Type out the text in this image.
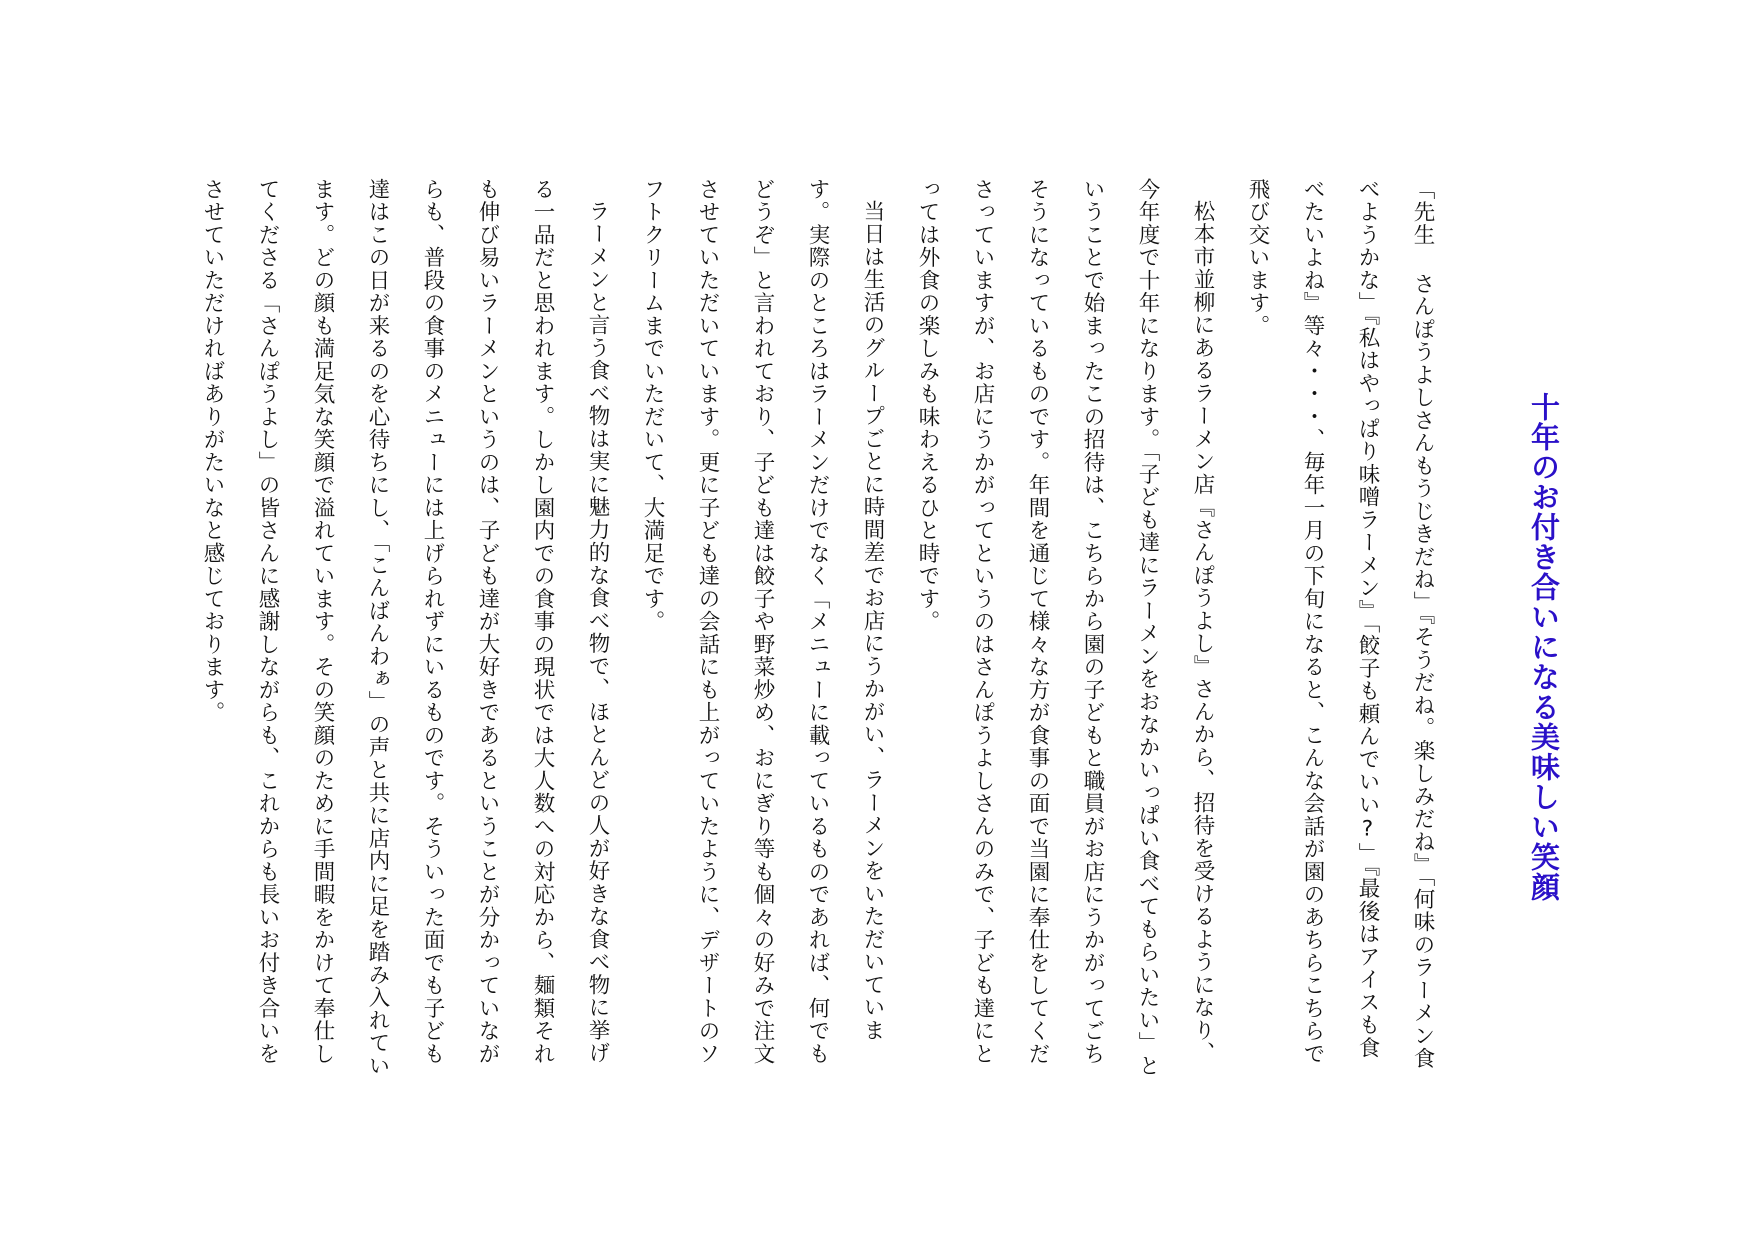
十年のお付き合いになる美味しい笑顔

「先生 さんぽうよしさんもうじきだね」『そうだね。楽しみだね』「何味のラーメン食べようかな」『私はやっぱり味噌ラーメン』「餃子も頼んでいい?」『最後はアイスも食べたいよね』等々・・・、毎年一月の下旬になると、こんな会話が園のあちらこちらで飛び交います。

松本市並柳にあるラーメン店『さんぽうよし』さんから、招待を受けるようになり、今年度で十年になります。「子ども達にラーメンをおなかいっぱい食べてもらいたい」ということで始まったこの招待は、こちらから園の子どもと職員がお店にうかがってごちそうになっているものです。年間を通じて様々な方が食事の面で当園に奉仕をしてくださっていますが、お店にうかがってというのはさんぽうよしさんのみで、子ども達にとっては外食の楽しみも味わえるひと時です。

当日は生活のグループごとに時間差でお店にうかがい、ラーメンをいただいています。実際のところはラーメンだけでなく「メニューに載っているものであれば、何でもどうぞ」と言われており、子ども達は餃子や野菜炒め、おにぎり等も個々の好みで注文させていただいています。更に子ども達の会話にも上がっていたように、デザートのソフトクリームまでいただいて、大満足です。

ラーメンと言う食べ物は実に魅力的な食べ物で、ほとんどの人が好きな食べ物に挙げる一品だと思われます。しかし園内での食事の現状では大人数への対応から、麺類それも伸び易いラーメンというのは、子ども達が大好きであるということが分かっていながらも、普段の食事のメニューには上げられずにいるものです。そういった面でも子ども達はこの日が来るのを心待ちにし、「こんばんわぁ」の声と共に店内に足を踏み入れています。どの顔も満足気な笑顔で溢れています。その笑顔のために手間暇をかけて奉仕してくださる「さんぽうよし」の皆さんに感謝しながらも、これからも長いお付き合いをさせていただければありがたいなと感じております。
